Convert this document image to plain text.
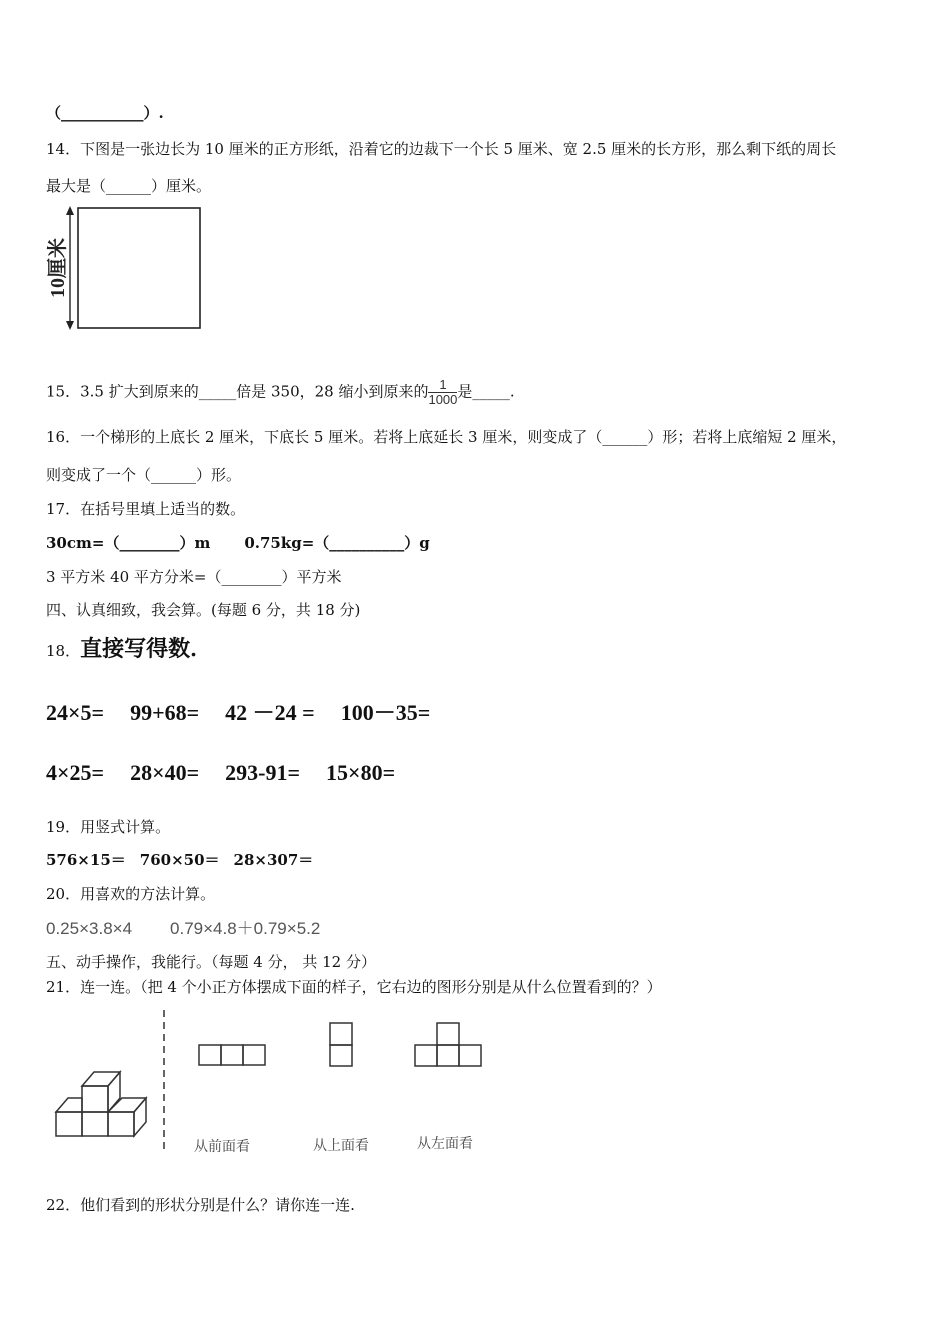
（___________）.
14．下图是一张边长为 10 厘米的正方形纸，沿着它的边裁下一个长 5 厘米、宽 2.5 厘米的长方形，那么剩下纸的周长
最大是（______）厘米。
10厘米
15．3.5 扩大到原来的_____倍是 350，28 缩小到原来的 $\frac{1}{1000}$ 是_____.
16．一个梯形的上底长 2 厘米，下底长 5 厘米。若将上底延长 3 厘米，则变成了（______）形；若将上底缩短 2 厘米，
则变成了一个（______）形。
17．在括号里填上适当的数。
30cm=（________）m 0.75kg=（__________）g
3 平方米 40 平方分米=（________）平方米
四、认真细致，我会算。(每题 6 分，共 18 分)
18．直接写得数．
24×5= 99+68= 42 －24 = 100－35=
4×25= 28×40= 293-91= 15×80=
19．用竖式计算。
576×15＝ 760×50＝ 28×307＝
20．用喜欢的方法计算。
0.25×3.8×4 0.79×4.8＋0.79×5.2
五、动手操作，我能行。（每题 4 分， 共 12 分）
21．连一连。（把 4 个小正方体摆成下面的样子，它右边的图形分别是从什么位置看到的？）
从前面看	从上面看	从左面看
22．他们看到的形状分别是什么？请你连一连.
